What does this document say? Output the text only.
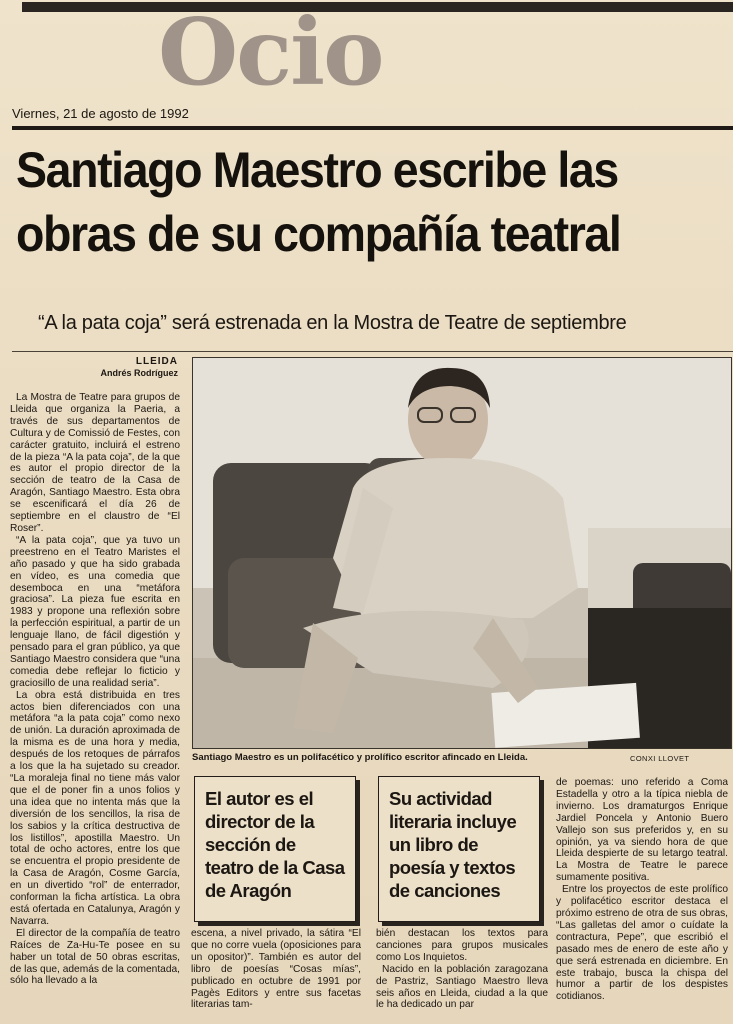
Ocio
Viernes, 21 de agosto de 1992
Santiago Maestro escribe las obras de su compañía teatral
“A la pata coja” será estrenada en la Mostra de Teatre de septiembre
LLEIDA
Andrés Rodríguez

La Mostra de Teatre para grupos de Lleida que organiza la Paeria, a través de sus departamentos de Cultura y de Comissió de Festes, con carácter gratuito, incluirá el estreno de la pieza “A la pata coja”, de la que es autor el propio director de la sección de teatro de la Casa de Aragón, Santiago Maestro. Esta obra se escenificará el día 26 de septiembre en el claustro de “El Roser”.

“A la pata coja”, que ya tuvo un preestreno en el Teatro Maristes el año pasado y que ha sido grabada en vídeo, es una comedia que desemboca en una “metáfora graciosa”. La pieza fue escrita en 1983 y propone una reflexión sobre la perfección espiritual, a partir de un lenguaje llano, de fácil digestión y pensado para el gran público, ya que Santiago Maestro considera que “una comedia debe reflejar lo ficticio y graciosillo de una realidad seria”.

La obra está distribuida en tres actos bien diferenciados con una metáfora “a la pata coja” como nexo de unión. La duración aproximada de la misma es de una hora y media, después de los retoques de párrafos a los que la ha sujetado su creador. “La moraleja final no tiene más valor que el de poner fin a unos folios y una idea que no intenta más que la diversión de los sencillos, la risa de los sabios y la crítica destructiva de los listillos”, apostilla Maestro. Un total de ocho actores, entre los que se encuentra el propio presidente de la Casa de Aragón, Cosme García, en un divertido “rol” de enterrador, conforman la ficha artística. La obra está ofertada en Catalunya, Aragón y Navarra.

El director de la compañía de teatro Raíces de Za-Hu-Te posee en su haber un total de 50 obras escritas, de las que, además de la comentada, sólo ha llevado a la

Santiago Maestro es un polifacético y prolífico escritor afincado en Lleida.	CONXI LLOVET
El autor es el director de la sección de teatro de la Casa de Aragón
Su actividad literaria incluye un libro de poesía y textos de canciones

escena, a nivel privado, la sátira “El que no corre vuela (oposiciones para un opositor)”. También es autor del libro de poesías “Cosas mías”, publicado en octubre de 1991 por Pagès Editors y entre sus facetas literarias tam-

bién destacan los textos para canciones para grupos musicales como Los Inquietos.

Nacido en la población zaragozana de Pastriz, Santiago Maestro lleva seis años en Lleida, ciudad a la que le ha dedicado un par

de poemas: uno referido a Coma Estadella y otro a la típica niebla de invierno. Los dramaturgos Enrique Jardiel Poncela y Antonio Buero Vallejo son sus preferidos y, en su opinión, ya va siendo hora de que Lleida despierte de su letargo teatral. La Mostra de Teatre le parece sumamente positiva.

Entre los proyectos de este prolífico y polifacético escritor destaca el próximo estreno de otra de sus obras, “Las galletas del amor o cuídate la contractura, Pepe”, que escribió el pasado mes de enero de este año y que será estrenada en diciembre. En este trabajo, busca la chispa del humor a partir de los despistes cotidianos.
